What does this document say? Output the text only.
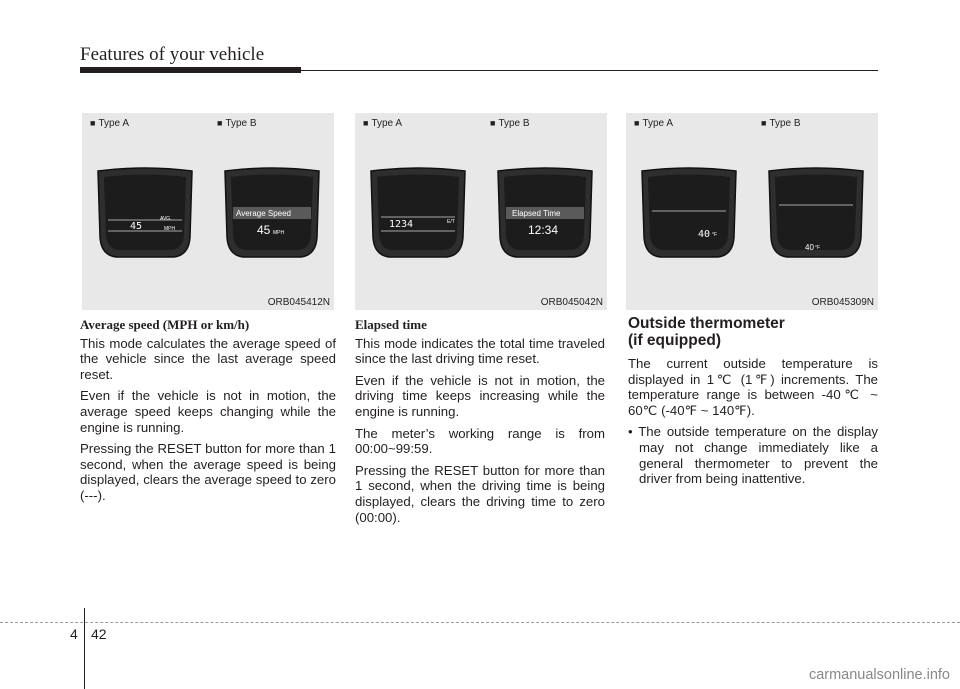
Features of your vehicle
■ Type A
45
AVG.
MPH
■ Type B
Average Speed
45 MPH
ORB045412N
■ Type A
1234	E/T
■ Type B
Elapsed Time
12:34
ORB045042N
■ Type A
40 °F
■ Type B
40 °F
ORB045309N

Average speed (MPH or km/h)

This mode calculates the average speed of the vehicle since the last average speed reset.

Even if the vehicle is not in motion, the average speed keeps changing while the engine is running.

Pressing the RESET button for more than 1 second, when the average speed is being displayed, clears the average speed to zero (---).

Elapsed time

This mode indicates the total time traveled since the last driving time reset.

Even if the vehicle is not in motion, the driving time keeps increasing while the engine is running.

The meter’s working range is from 00:00~99:59.

Pressing the RESET button for more than 1 second, when the driving time is being displayed, clears the driving time to zero (00:00).

Outside thermometer
(if equipped)

The current outside temperature is displayed in 1℃ (1℉) increments. The temperature range is between -40℃ ~ 60℃ (-40℉ ~ 140℉).

• The outside temperature on the display may not change immediately like a general thermometer to prevent the driver from being inattentive.

4 42
carmanualsonline.info
